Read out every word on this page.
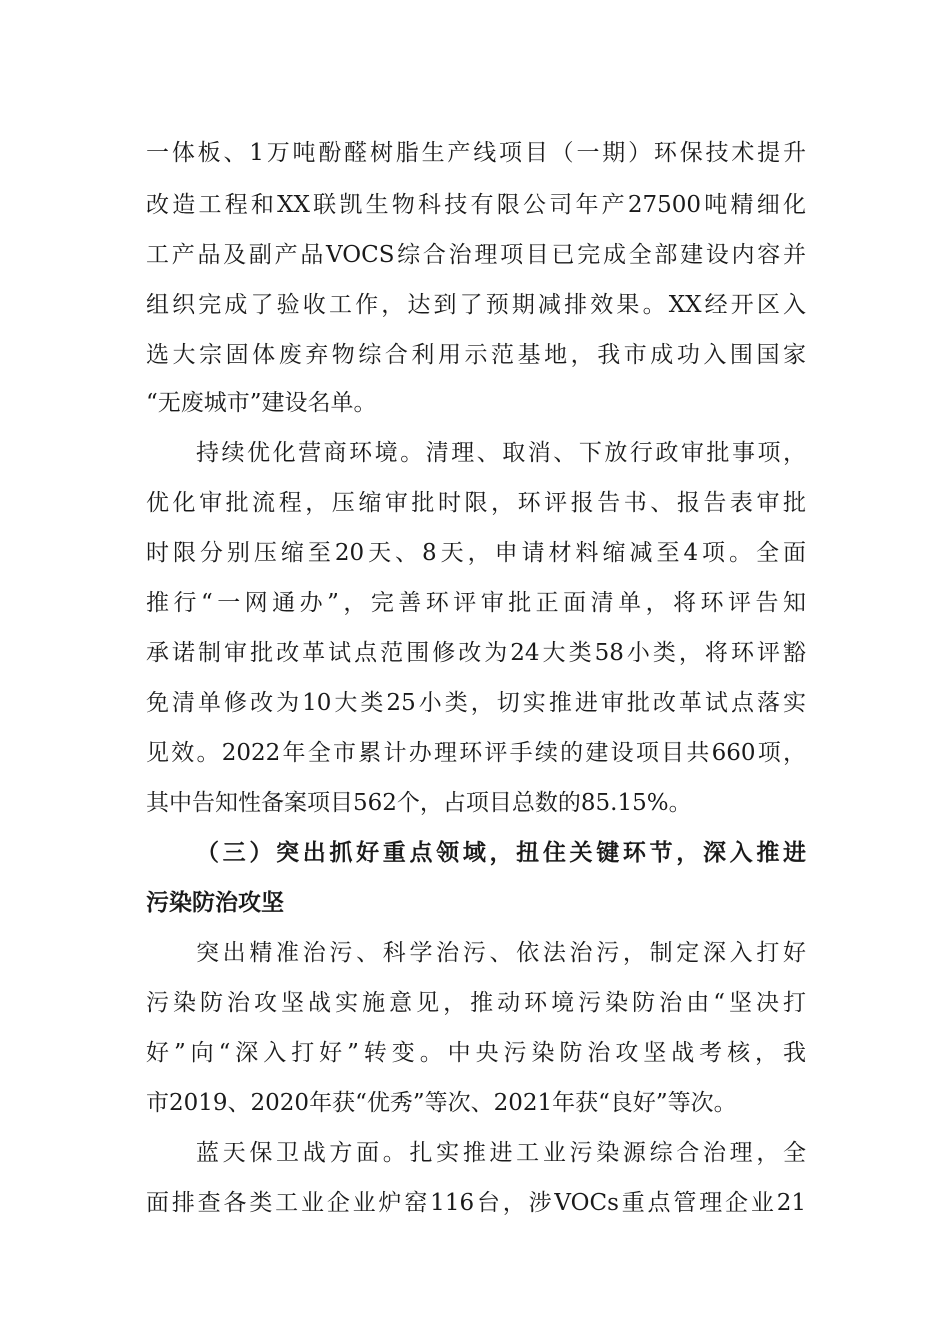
一体板、1万吨酚醛树脂生产线项目（一期）环保技术提升
改造工程和XX联凯生物科技有限公司年产27500吨精细化
工产品及副产品VOCS综合治理项目已完成全部建设内容并
组织完成了验收工作，达到了预期减排效果。XX经开区入
选大宗固体废弃物综合利用示范基地，我市成功入围国家
“无废城市”建设名单。
持续优化营商环境。清理、取消、下放行政审批事项，
优化审批流程，压缩审批时限，环评报告书、报告表审批
时限分别压缩至20天、8天，申请材料缩减至4项。全面
推行“一网通办”，完善环评审批正面清单，将环评告知
承诺制审批改革试点范围修改为24大类58小类，将环评豁
免清单修改为10大类25小类，切实推进审批改革试点落实
见效。2022年全市累计办理环评手续的建设项目共660项，
其中告知性备案项目562个，占项目总数的85.15%。
（三）突出抓好重点领域，扭住关键环节，深入推进
污染防治攻坚
突出精准治污、科学治污、依法治污，制定深入打好
污染防治攻坚战实施意见，推动环境污染防治由“坚决打
好”向“深入打好”转变。中央污染防治攻坚战考核，我
市2019、2020年获“优秀”等次、2021年获“良好”等次。
蓝天保卫战方面。扎实推进工业污染源综合治理，全
面排查各类工业企业炉窑116台，涉VOCs重点管理企业21
